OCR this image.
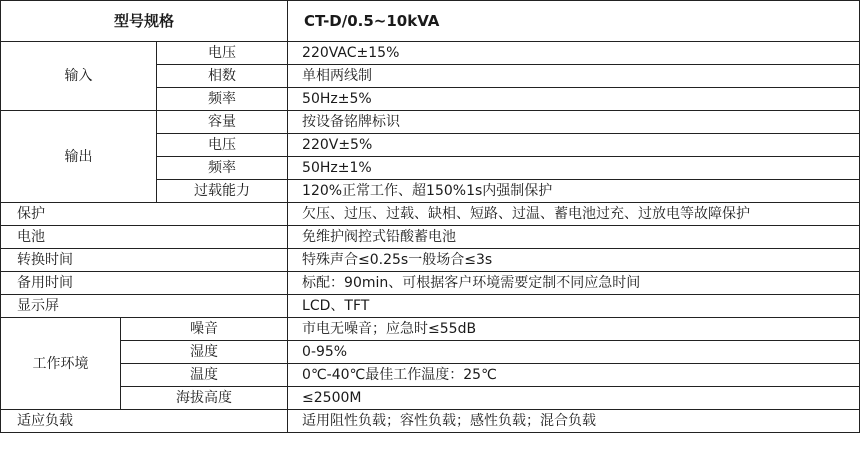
型号规格			CT-D/0.5~10kVA
输入		电压	220VAC±15%
		相数	单相两线制
		频率	50Hz±5%
输出		容量	按设备铭牌标识
		电压	220V±5%
		频率	50Hz±1%
		过载能力	120%正常工作、超150%1s内强制保护
保护			欠压、过压、过载、缺相、短路、过温、蓄电池过充、过放电等故障保护
电池			免维护阀控式铅酸蓄电池
转换时间			特殊声合≤0.25s一般场合≤3s
备用时间			标配：90min、可根据客户环境需要定制不同应急时间
显示屏			LCD、TFT
工作环境	噪音		市电无噪音；应急时≤55dB
	湿度		0-95%
	温度		0℃-40℃最佳工作温度：25℃
	海拔高度		≤2500M
适应负载			适用阻性负载；容性负载；感性负载；混合负载
